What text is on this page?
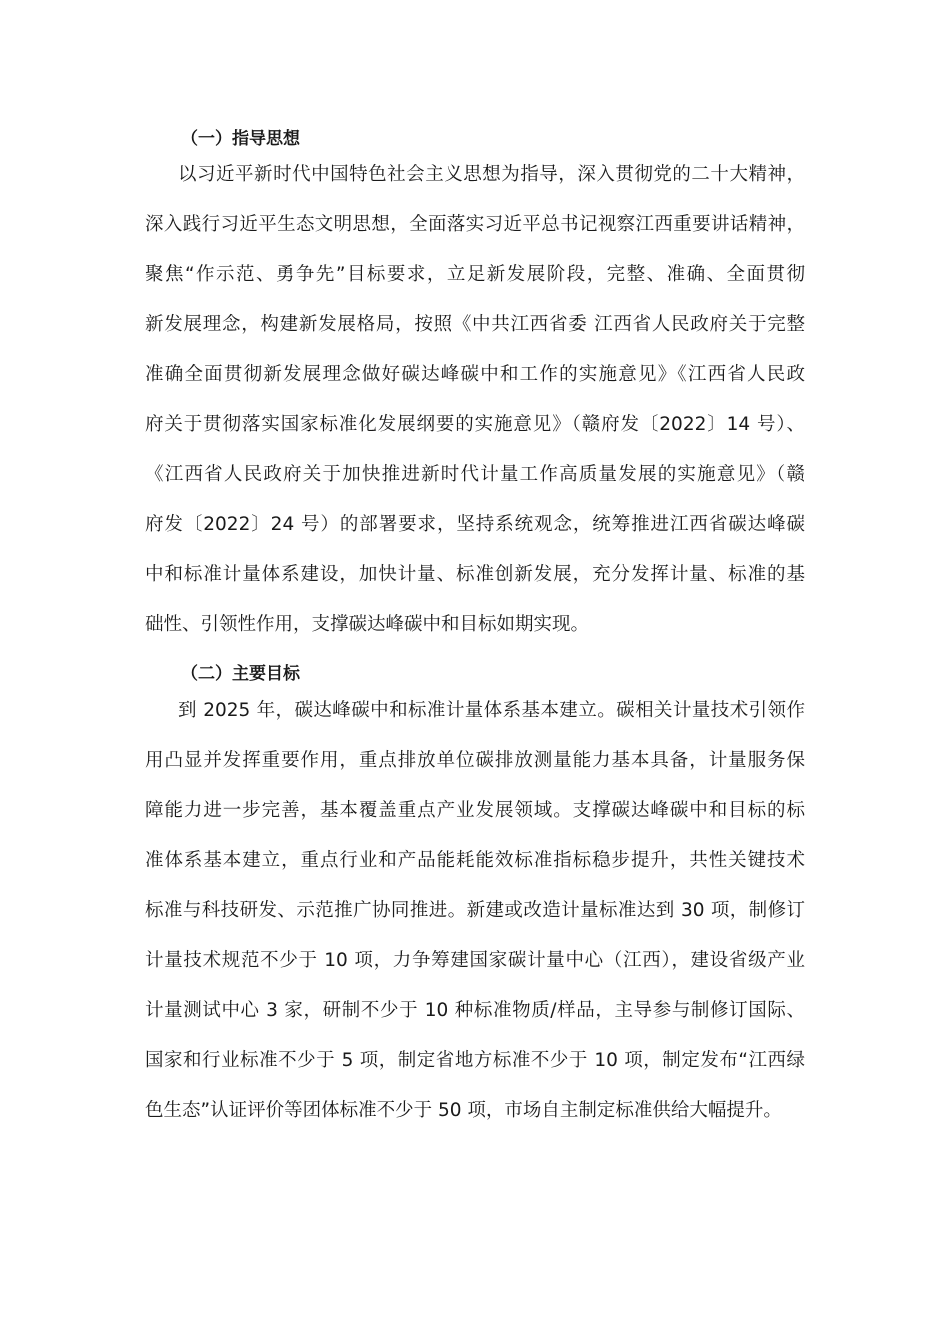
（一）指导思想
以习近平新时代中国特色社会主义思想为指导，深入贯彻党的二十大精神，
深入践行习近平生态文明思想，全面落实习近平总书记视察江西重要讲话精神，
聚焦“作示范、勇争先”目标要求，立足新发展阶段，完整、准确、全面贯彻
新发展理念，构建新发展格局，按照《中共江西省委 江西省人民政府关于完整
准确全面贯彻新发展理念做好碳达峰碳中和工作的实施意见》《江西省人民政
府关于贯彻落实国家标准化发展纲要的实施意见》（赣府发〔2022〕14 号）、
《江西省人民政府关于加快推进新时代计量工作高质量发展的实施意见》（赣
府发〔2022〕24 号）的部署要求，坚持系统观念，统筹推进江西省碳达峰碳
中和标准计量体系建设，加快计量、标准创新发展，充分发挥计量、标准的基
础性、引领性作用，支撑碳达峰碳中和目标如期实现。
（二）主要目标
到 2025 年，碳达峰碳中和标准计量体系基本建立。碳相关计量技术引领作
用凸显并发挥重要作用，重点排放单位碳排放测量能力基本具备，计量服务保
障能力进一步完善，基本覆盖重点产业发展领域。支撑碳达峰碳中和目标的标
准体系基本建立，重点行业和产品能耗能效标准指标稳步提升，共性关键技术
标准与科技研发、示范推广协同推进。新建或改造计量标准达到 30 项，制修订
计量技术规范不少于 10 项，力争筹建国家碳计量中心（江西），建设省级产业
计量测试中心 3 家，研制不少于 10 种标准物质/样品，主导参与制修订国际、
国家和行业标准不少于 5 项，制定省地方标准不少于 10 项，制定发布“江西绿
色生态”认证评价等团体标准不少于 50 项，市场自主制定标准供给大幅提升。
